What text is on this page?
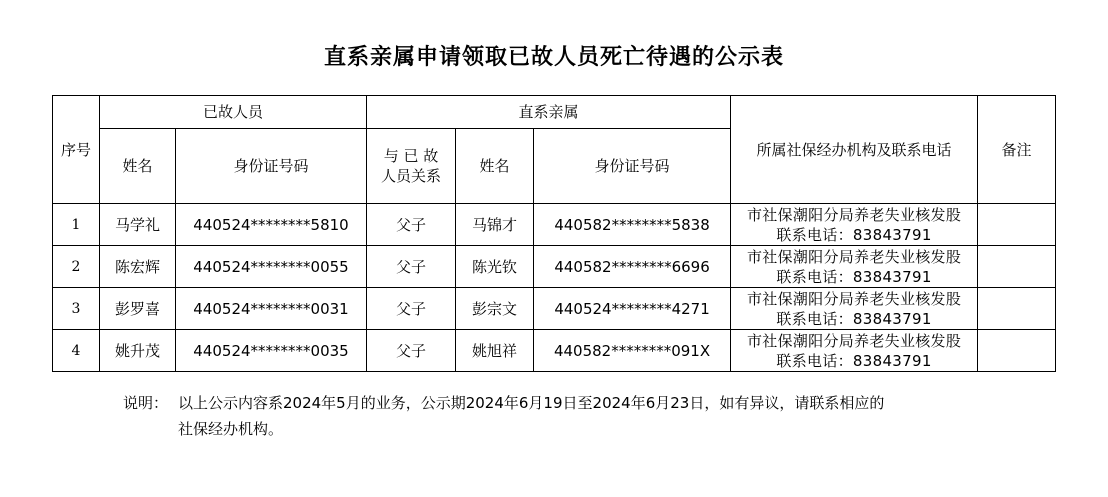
直系亲属申请领取已故人员死亡待遇的公示表
序号	已故人员		直系亲属			所属社保经办机构及联系电话	备注
	姓名	身份证号码	与 已 故
人员关系	姓名	身份证号码		
1	马学礼	440524********5810	父子	马锦才	440582********5838	市社保潮阳分局养老失业核发股
联系电话：83843791	

2	陈宏辉	440524********0055	父子	陈光钦	440582********6696	市社保潮阳分局养老失业核发股
联系电话：83843791	

3	彭罗喜	440524********0031	父子	彭宗文	440524********4271	市社保潮阳分局养老失业核发股
联系电话：83843791	

4	姚升茂	440524********0035	父子	姚旭祥	440582********091X	市社保潮阳分局养老失业核发股
联系电话：83843791	

说明： 以上公示内容系2024年5月的业务，公示期2024年6月19日至2024年6月23日，如有异议，请联系相应的
社保经办机构。
